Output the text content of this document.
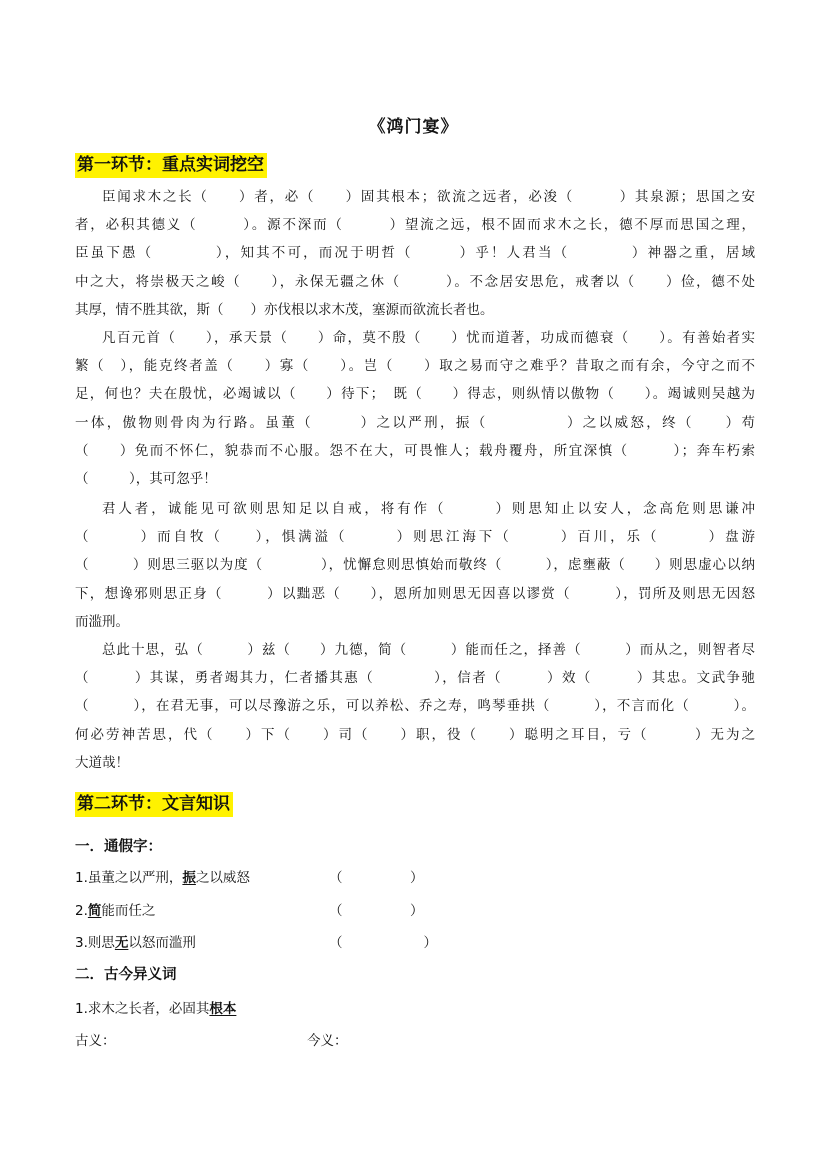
《鸿门宴》
第一环节：重点实词挖空
臣闻求木之长（　　）者，必（　　）固其根本；欲流之远者，必浚（　　　）其泉源；思国之安
者，必积其德义（　　　）。源不深而（　　　）望流之远，根不固而求木之长，德不厚而思国之理，
臣虽下愚（　　　　），知其不可，而况于明哲（　　　）乎！人君当（　　　　）神器之重，居域
中之大，将崇极天之峻（　　），永保无疆之休（　　　）。不念居安思危，戒奢以（　　）俭，德不处
其厚，情不胜其欲，斯（　　）亦伐根以求木茂，塞源而欲流长者也。
凡百元首（　　），承天景（　　）命，莫不殷（　　）忧而道著，功成而德衰（　　）。有善始者实
繁（　），能克终者盖（　　）寡（　　）。岂（　　）取之易而守之难乎？昔取之而有余，今守之而不
足，何也？夫在殷忧，必竭诚以（　　）待下；　既（　　）得志，则纵情以傲物（　　）。竭诚则吴越为
一体，傲物则骨肉为行路。虽董（　　　）之以严刑，振（　　　　　）之以威怒，终（　　）苟
（　　）免而不怀仁，貌恭而不心服。怨不在大，可畏惟人；载舟覆舟，所宜深慎（　　　）；奔车朽索
（　　　），其可忽乎！
君人者，诚能见可欲则思知足以自戒，将有作（　　　）则思知止以安人，念高危则思谦冲
（　　　）而自牧（　　），惧满溢（　　　）则思江海下（　　　）百川，乐（　　　）盘游
（　　　）则思三驱以为度（　　　　），忧懈怠则思慎始而敬终（　　　），虑壅蔽（　　）则思虚心以纳
下，想谗邪则思正身（　　　）以黜恶（　　），恩所加则思无因喜以谬赏（　　　），罚所及则思无因怒
而滥刑。
总此十思，弘（　　　）兹（　　）九德，简（　　　）能而任之，择善（　　　）而从之，则智者尽
（　　　）其谋，勇者竭其力，仁者播其惠（　　　　），信者（　　　）效（　　　）其忠。文武争驰
（　　　），在君无事，可以尽豫游之乐，可以养松、乔之寿，鸣琴垂拱（　　　），不言而化（　　　）。
何必劳神苦思，代（　　）下（　　）司（　　）职，役（　　）聪明之耳目，亏（　　　）无为之
大道哉！
第二环节：文言知识
一．通假字：
1.虽董之以严刑，振之以威怒	（　　　　　）
2.简能而任之	（　　　　　）
3.则思无以怒而滥刑	（　　　　　　）
二．古今异义词
1.求木之长者，必固其根本
古义：	今义：
